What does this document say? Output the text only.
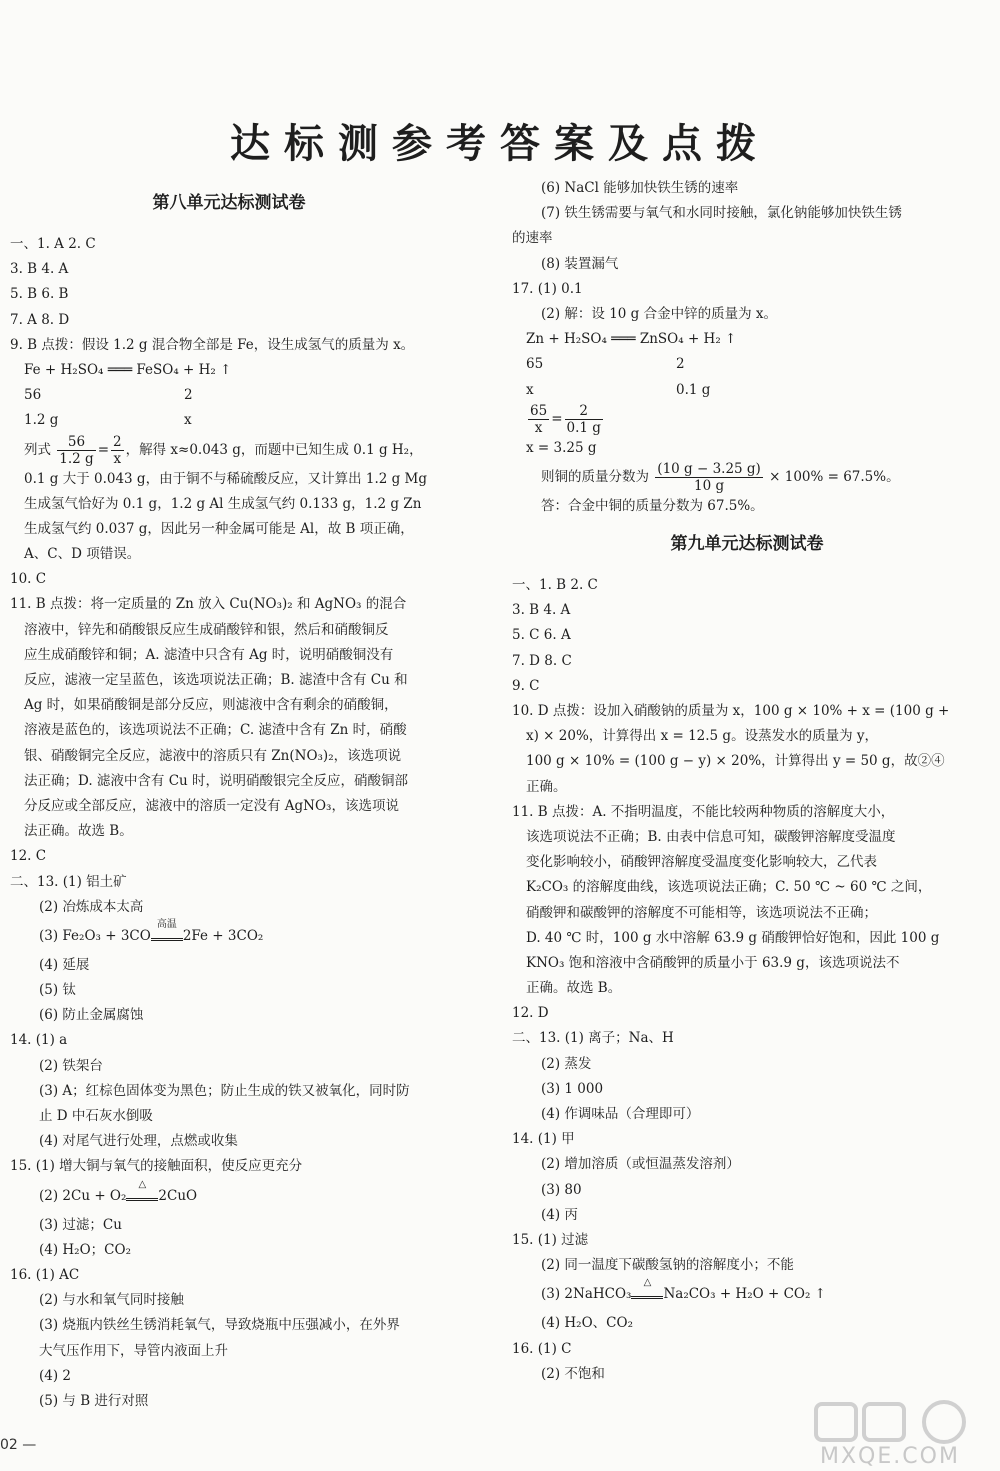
达标测参考答案及点拨
第八单元达标测试卷
一、1. A 2. C
3. B 4. A
5. B 6. B
7. A 8. D
9. B 点拨：假设 1.2 g 混合物全部是 Fe，设生成氢气的质量为 x。
Fe + H₂SO₄ ═══ FeSO₄ + H₂ ↑
56	2
1.2 g	x
列式 $\frac{56}{1.2 g} = \frac{2}{x}$ ，解得 x≈0.043 g，而题中已知生成 0.1 g H₂，
0.1 g 大于 0.043 g，由于铜不与稀硫酸反应，又计算出 1.2 g Mg
生成氢气恰好为 0.1 g，1.2 g Al 生成氢气约 0.133 g，1.2 g Zn
生成氢气约 0.037 g，因此另一种金属可能是 Al，故 B 项正确，
A、C、D 项错误。
10. C
11. B 点拨：将一定质量的 Zn 放入 Cu(NO₃)₂ 和 AgNO₃ 的混合
溶液中，锌先和硝酸银反应生成硝酸锌和银，然后和硝酸铜反
应生成硝酸锌和铜；A. 滤渣中只含有 Ag 时，说明硝酸铜没有
反应，滤液一定呈蓝色，该选项说法正确；B. 滤渣中含有 Cu 和
Ag 时，如果硝酸铜是部分反应，则滤液中含有剩余的硝酸铜，
溶液是蓝色的，该选项说法不正确；C. 滤渣中含有 Zn 时，硝酸
银、硝酸铜完全反应，滤液中的溶质只有 Zn(NO₃)₂，该选项说
法正确；D. 滤液中含有 Cu 时，说明硝酸银完全反应，硝酸铜部
分反应或全部反应，滤液中的溶质一定没有 AgNO₃，该选项说
法正确。故选 B。
12. C
二、13. (1) 铝土矿
(2) 冶炼成本太高
(3) Fe₂O₃ + 3CO
高温
2Fe + 3CO₂
(4) 延展
(5) 钛
(6) 防止金属腐蚀
14. (1) a
(2) 铁架台
(3) A；红棕色固体变为黑色；防止生成的铁又被氧化，同时防
止 D 中石灰水倒吸
(4) 对尾气进行处理，点燃或收集
15. (1) 增大铜与氧气的接触面积，使反应更充分
(2) 2Cu + O₂
△
2CuO
(3) 过滤；Cu
(4) H₂O；CO₂
16. (1) AC
(2) 与水和氧气同时接触
(3) 烧瓶内铁丝生锈消耗氧气，导致烧瓶中压强减小，在外界
大气压作用下，导管内液面上升
(4) 2
(5) 与 B 进行对照
(6) NaCl 能够加快铁生锈的速率
(7) 铁生锈需要与氧气和水同时接触，氯化钠能够加快铁生锈
的速率
(8) 装置漏气
17. (1) 0.1
(2) 解：设 10 g 合金中锌的质量为 x。
Zn + H₂SO₄ ═══ ZnSO₄ + H₂ ↑
65	2
x	0.1 g
$\frac{65}{x} = \frac{2}{0.1 g}$
x = 3.25 g
则铜的质量分数为 $\frac{(10 g - 3.25 g)}{10 g} \times 100\% = 67.5\%$。
答：合金中铜的质量分数为 67.5%。
第九单元达标测试卷
一、1. B 2. C
3. B 4. A
5. C 6. A
7. D 8. C
9. C
10. D 点拨：设加入硝酸钠的质量为 x，100 g × 10% + x = (100 g +
x) × 20%，计算得出 x = 12.5 g。设蒸发水的质量为 y，
100 g × 10% = (100 g − y) × 20%，计算得出 y = 50 g，故②④
正确。
11. B 点拨：A. 不指明温度，不能比较两种物质的溶解度大小，
该选项说法不正确；B. 由表中信息可知，碳酸钾溶解度受温度
变化影响较小，硝酸钾溶解度受温度变化影响较大，乙代表
K₂CO₃ 的溶解度曲线，该选项说法正确；C. 50 ℃ ~ 60 ℃ 之间，
硝酸钾和碳酸钾的溶解度不可能相等，该选项说法不正确；
D. 40 ℃ 时，100 g 水中溶解 63.9 g 硝酸钾恰好饱和，因此 100 g
KNO₃ 饱和溶液中含硝酸钾的质量小于 63.9 g，该选项说法不
正确。故选 B。
12. D
二、13. (1) 离子；Na、H
(2) 蒸发
(3) 1 000
(4) 作调味品（合理即可）
14. (1) 甲
(2) 增加溶质（或恒温蒸发溶剂）
(3) 80
(4) 丙
15. (1) 过滤
(2) 同一温度下碳酸氢钠的溶解度小；不能
(3) 2NaHCO₃
△
Na₂CO₃ + H₂O + CO₂ ↑
(4) H₂O、CO₂
16. (1) C
(2) 不饱和
02 —	MXQE.COM
